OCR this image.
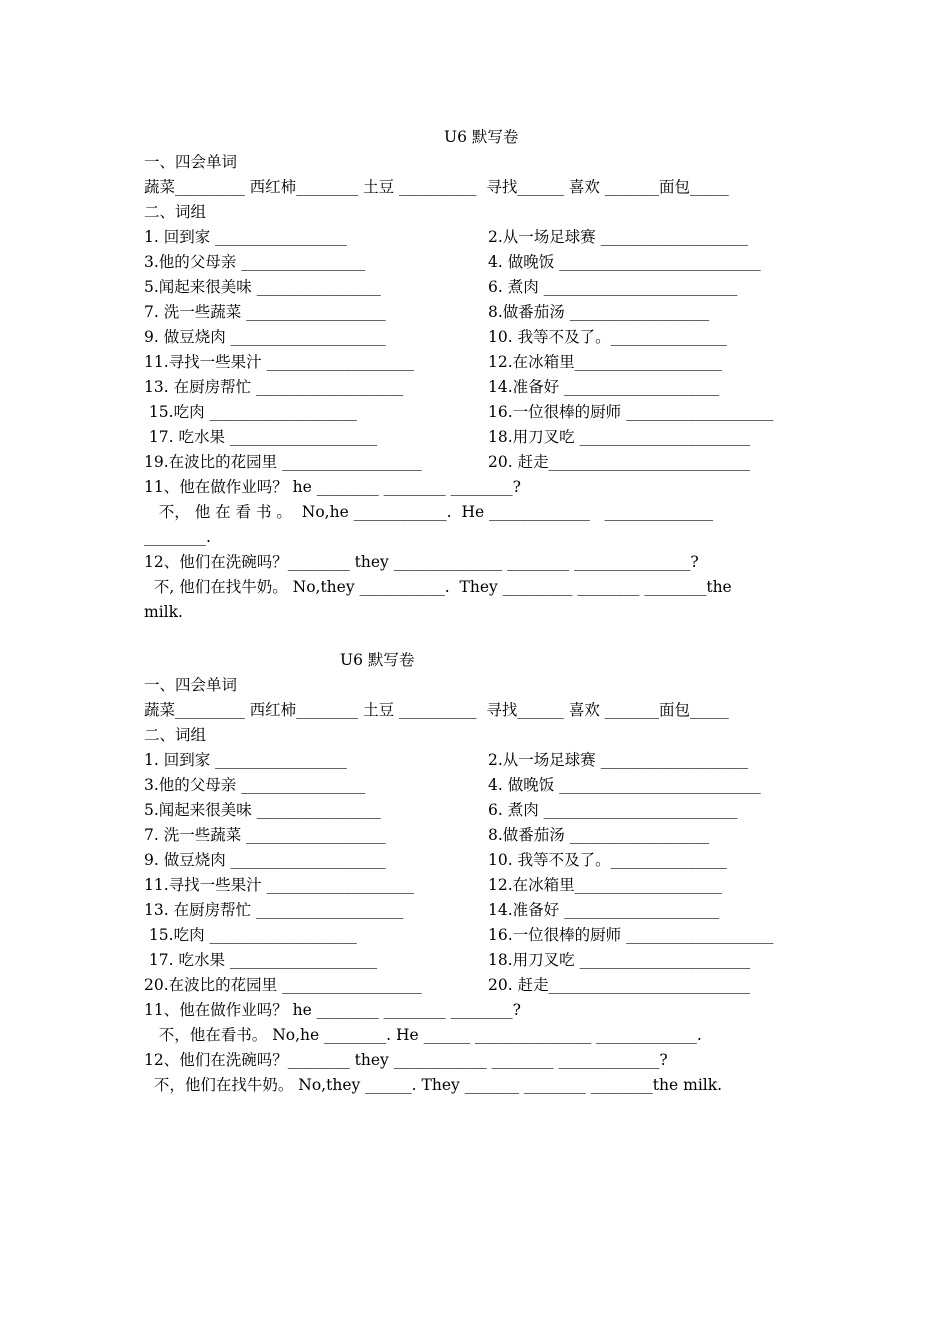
U6 默写卷
一、四会单词
蔬菜_________ 西红柿________ 土豆 __________  寻找______ 喜欢 _______面包_____
二、词组
1. 回到家 _________________	2.从一场足球赛 ___________________
3.他的父母亲 ________________	4. 做晚饭 __________________________
5.闻起来很美味 ________________	6. 煮肉 _________________________
7. 洗一些蔬菜 __________________	8.做番茄汤 __________________
9. 做豆烧肉 ____________________	10. 我等不及了。_______________
11.寻找一些果汁 ___________________	12.在冰箱里___________________
13. 在厨房帮忙 ___________________	14.准备好 ____________________
15.吃肉 ___________________	16.一位很棒的厨师 ___________________
17. 吃水果 ___________________	18.用刀叉吃 ______________________
19.在波比的花园里 __________________	20. 赶走__________________________
11、他在做作业吗？ he ________ ________ ________?
不， 他 在 看 书 。  No,he ____________.  He _____________   ______________
________.
12、他们在洗碗吗？________ they ______________ ________ _______________?
不, 他们在找牛奶。 No,they ___________.  They _________ ________ ________the
milk.
U6 默写卷
一、四会单词
蔬菜_________ 西红柿________ 土豆 __________  寻找______ 喜欢 _______面包_____
二、词组
1. 回到家 _________________	2.从一场足球赛 ___________________
3.他的父母亲 ________________	4. 做晚饭 __________________________
5.闻起来很美味 ________________	6. 煮肉 _________________________
7. 洗一些蔬菜 __________________	8.做番茄汤 __________________
9. 做豆烧肉 ____________________	10. 我等不及了。_______________
11.寻找一些果汁 ___________________	12.在冰箱里___________________
13. 在厨房帮忙 ___________________	14.准备好 ____________________
15.吃肉 ___________________	16.一位很棒的厨师 ___________________
17. 吃水果 ___________________	18.用刀叉吃 ______________________
20.在波比的花园里 __________________	20. 赶走__________________________
11、他在做作业吗？ he ________ ________ ________?
不，他在看书。 No,he ________. He ______ _______________ _____________.
12、他们在洗碗吗？________ they ____________ ________ _____________?
不，他们在找牛奶。 No,they ______. They _______ ________ ________the milk.
